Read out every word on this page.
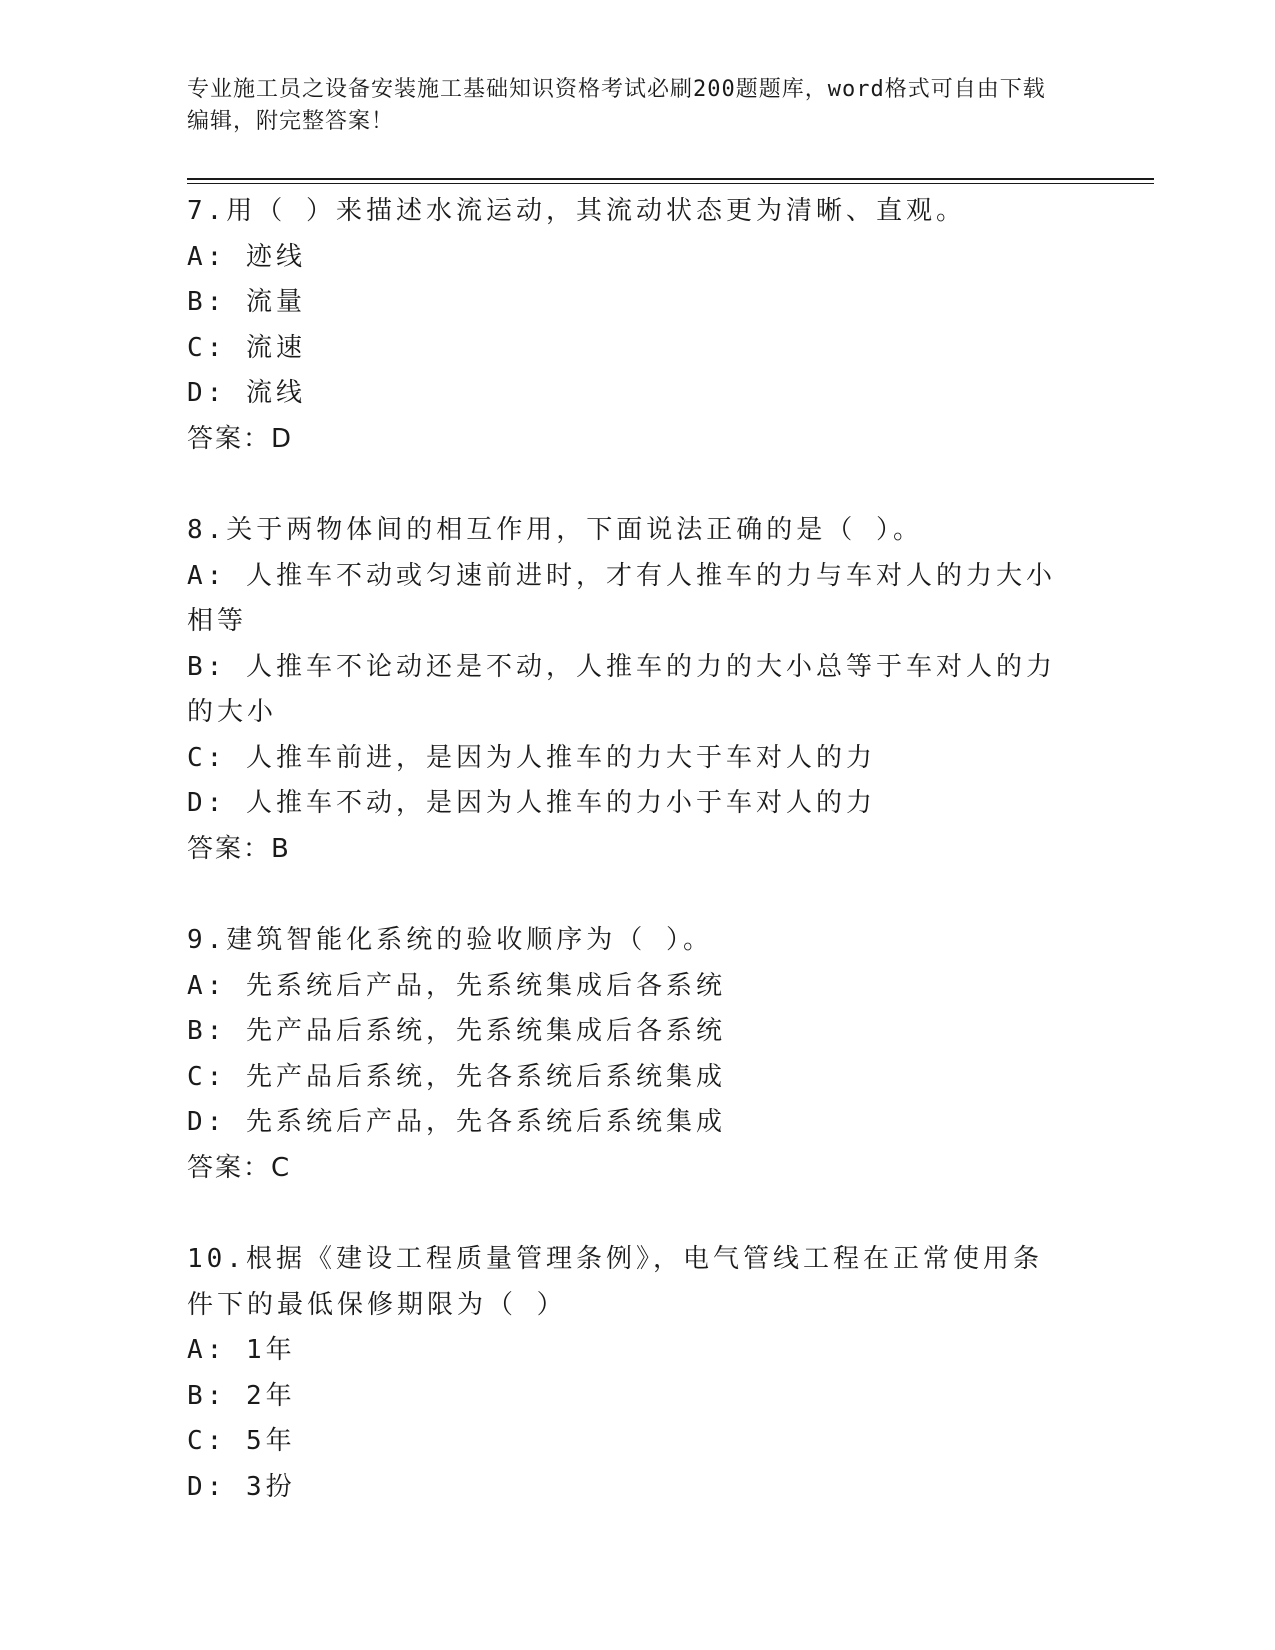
专业施工员之设备安装施工基础知识资格考试必刷200题题库，word格式可自由下载编辑，附完整答案！
7.用（ ）来描述水流运动，其流动状态更为清晰、直观。
A: 迹线
B: 流量
C: 流速
D: 流线
答案：D
8.关于两物体间的相互作用，下面说法正确的是（ ）。
A: 人推车不动或匀速前进时，才有人推车的力与车对人的力大小相等
B: 人推车不论动还是不动，人推车的力的大小总等于车对人的力的大小
C: 人推车前进，是因为人推车的力大于车对人的力
D: 人推车不动，是因为人推车的力小于车对人的力
答案：B
9.建筑智能化系统的验收顺序为（ ）。
A: 先系统后产品，先系统集成后各系统
B: 先产品后系统，先系统集成后各系统
C: 先产品后系统，先各系统后系统集成
D: 先系统后产品，先各系统后系统集成
答案：C
10.根据《建设工程质量管理条例》，电气管线工程在正常使用条件下的最低保修期限为（ ）
A: 1年
B: 2年
C: 5年
D: 3扮
